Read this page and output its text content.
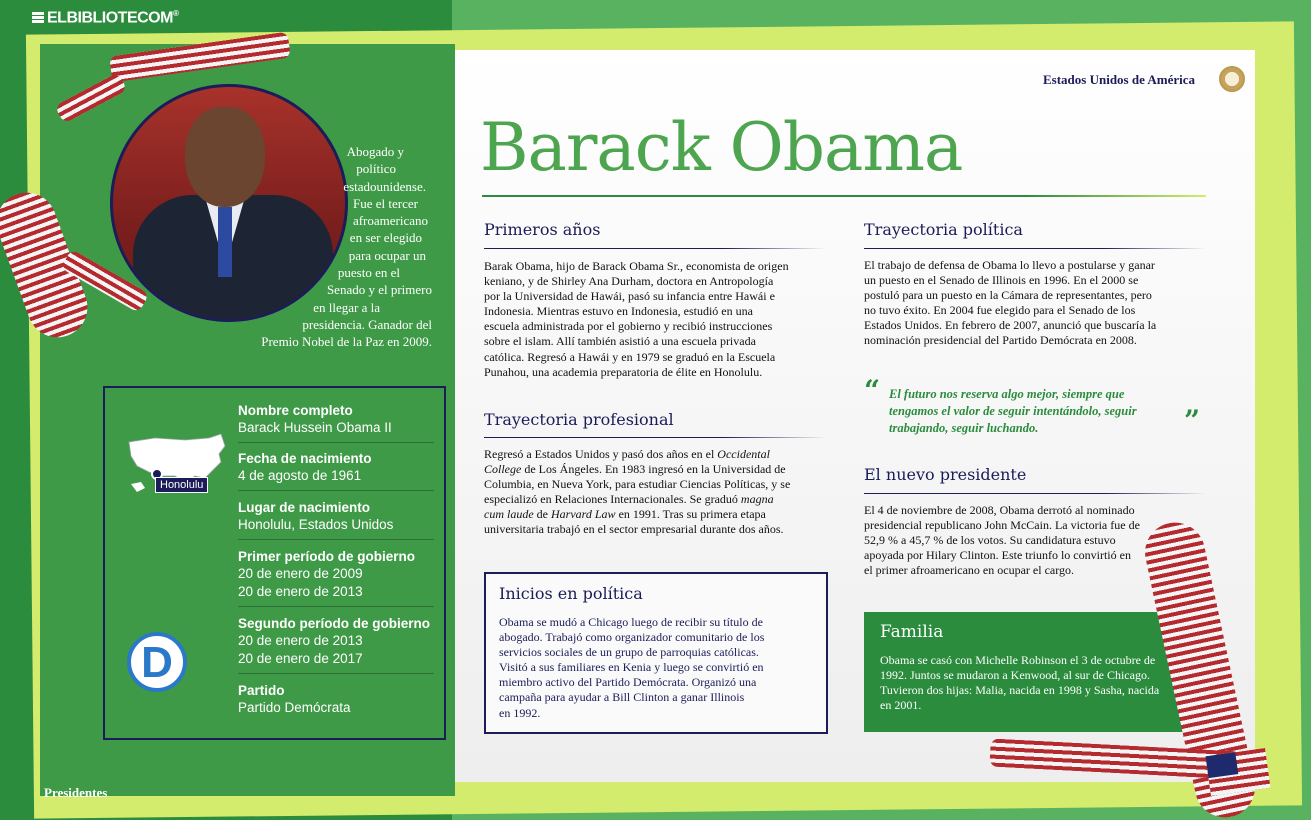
ELBIBLIOTECOM®
Abogado y
político
estadounidense.
Fue el tercer
afroamericano
en ser elegido
para ocupar un
puesto en el
Senado y el primero
en llegar a la
presidencia. Ganador del
Premio Nobel de la Paz en 2009.
Honolulu
Nombre completo
Barack Hussein Obama II
Fecha de nacimiento
4 de agosto de 1961
Lugar de nacimiento
Honolulu, Estados Unidos
Primer período de gobierno
20 de enero de 2009
20 de enero de 2013
Segundo período de gobierno
20 de enero de 2013
20 de enero de 2017
Partido
Partido Demócrata
D
Presidentes
Estados Unidos de América
Barack Obama
Primeros años
Barak Obama, hijo de Barack Obama Sr., economista de origen
keniano, y de Shirley Ana Durham, doctora en Antropología
por la Universidad de Hawái, pasó su infancia entre Hawái e
Indonesia. Mientras estuvo en Indonesia, estudió en una
escuela administrada por el gobierno y recibió instrucciones
sobre el islam. Allí también asistió a una escuela privada
católica. Regresó a Hawái y en 1979 se graduó en la Escuela
Punahou, una academia preparatoria de élite en Honolulu.
Trayectoria profesional
Regresó a Estados Unidos y pasó dos años en el Occidental
College de Los Ángeles. En 1983 ingresó en la Universidad de
Columbia, en Nueva York, para estudiar Ciencias Políticas, y se
especializó en Relaciones Internacionales. Se graduó magna
cum laude de Harvard Law en 1991. Tras su primera etapa
universitaria trabajó en el sector empresarial durante dos años.
Inicios en política
Obama se mudó a Chicago luego de recibir su título de
abogado. Trabajó como organizador comunitario de los
servicios sociales de un grupo de parroquias católicas.
Visitó a sus familiares en Kenia y luego se convirtió en
miembro activo del Partido Demócrata. Organizó una
campaña para ayudar a Bill Clinton a ganar Illinois
en 1992.
Trayectoria política
El trabajo de defensa de Obama lo llevo a postularse y ganar
un puesto en el Senado de Illinois en 1996. En el 2000 se
postuló para un puesto en la Cámara de representantes, pero
no tuvo éxito. En 2004 fue elegido para el Senado de los
Estados Unidos. En febrero de 2007, anunció que buscaría la
nominación presidencial del Partido Demócrata en 2008.
“ El futuro nos reserva algo mejor, siempre que
tengamos el valor de seguir intentándolo, seguir
trabajando, seguir luchando.	”
El nuevo presidente
El 4 de noviembre de 2008, Obama derrotó al nominado
presidencial republicano John McCain. La victoria fue de
52,9 % a 45,7 % de los votos. Su candidatura estuvo
apoyada por Hilary Clinton. Este triunfo lo convirtió en
el primer afroamericano en ocupar el cargo.
Familia
Obama se casó con Michelle Robinson el 3 de octubre de
1992. Juntos se mudaron a Kenwood, al sur de Chicago.
Tuvieron dos hijas: Malia, nacida en 1998 y Sasha, nacida
en 2001.
